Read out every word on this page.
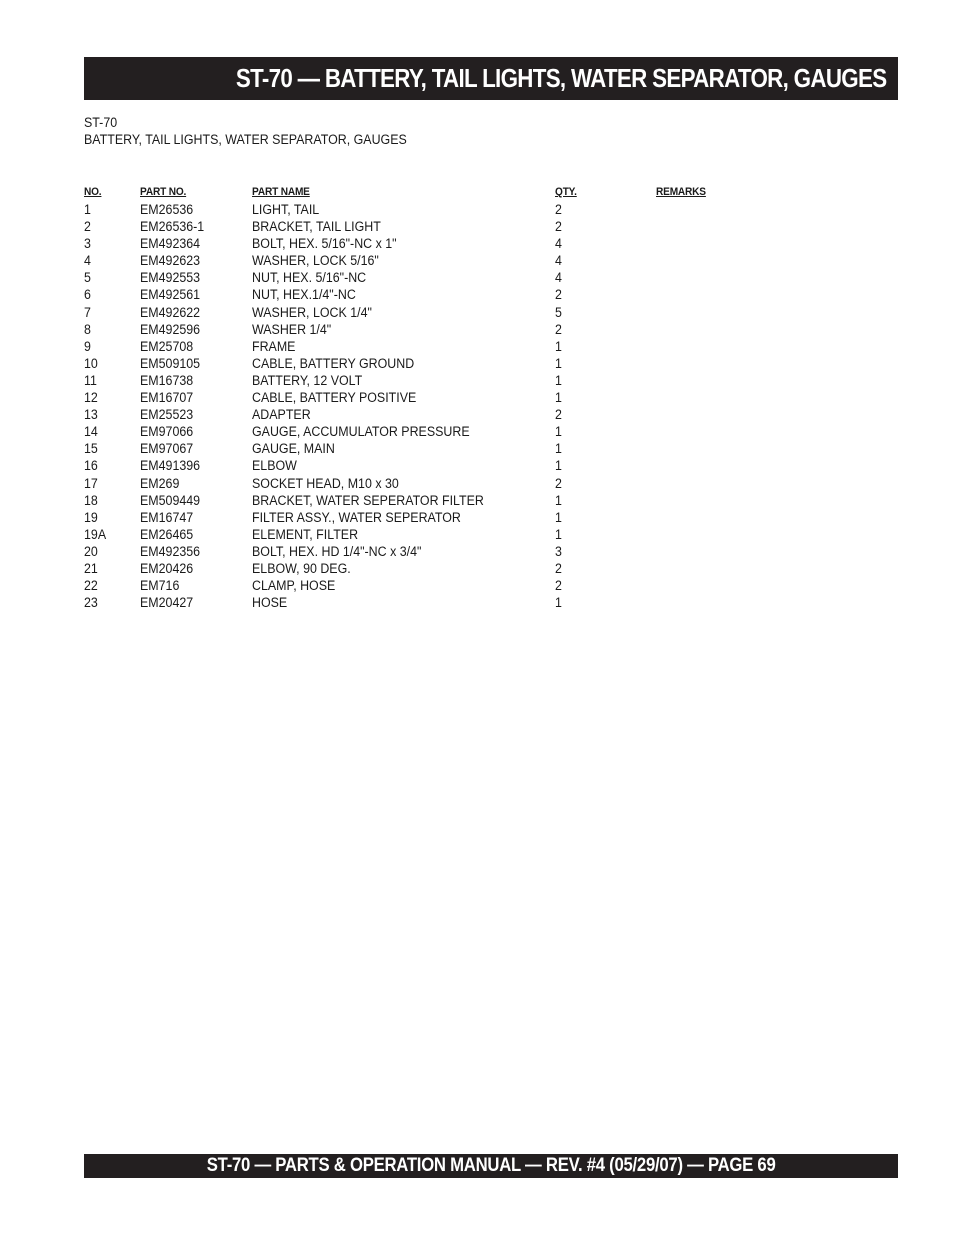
ST-70 — BATTERY, TAIL LIGHTS, WATER SEPARATOR, GAUGES
ST-70
BATTERY, TAIL LIGHTS, WATER SEPARATOR, GAUGES
NO.	PART NO.	PART NAME	QTY.	REMARKS
1	EM26536	LIGHT, TAIL	2
2	EM26536-1	BRACKET, TAIL LIGHT	2
3	EM492364	BOLT, HEX. 5/16"-NC x 1"	4
4	EM492623	WASHER, LOCK 5/16"	4
5	EM492553	NUT, HEX. 5/16"-NC	4
6	EM492561	NUT, HEX.1/4"-NC	2
7	EM492622	WASHER, LOCK 1/4"	5
8	EM492596	WASHER 1/4"	2
9	EM25708	FRAME	1
10	EM509105	CABLE, BATTERY GROUND	1
11	EM16738	BATTERY, 12 VOLT	1
12	EM16707	CABLE, BATTERY POSITIVE	1
13	EM25523	ADAPTER	2
14	EM97066	GAUGE, ACCUMULATOR PRESSURE	1
15	EM97067	GAUGE, MAIN	1
16	EM491396	ELBOW	1
17	EM269	SOCKET HEAD, M10 x 30	2
18	EM509449	BRACKET, WATER SEPERATOR FILTER	1
19	EM16747	FILTER ASSY., WATER SEPERATOR	1
19A	EM26465	ELEMENT, FILTER	1
20	EM492356	BOLT, HEX. HD 1/4"-NC x 3/4"	3
21	EM20426	ELBOW, 90 DEG.	2
22	EM716	CLAMP, HOSE	2
23	EM20427	HOSE	1
ST-70 — PARTS & OPERATION MANUAL — REV. #4 (05/29/07) — PAGE 69
